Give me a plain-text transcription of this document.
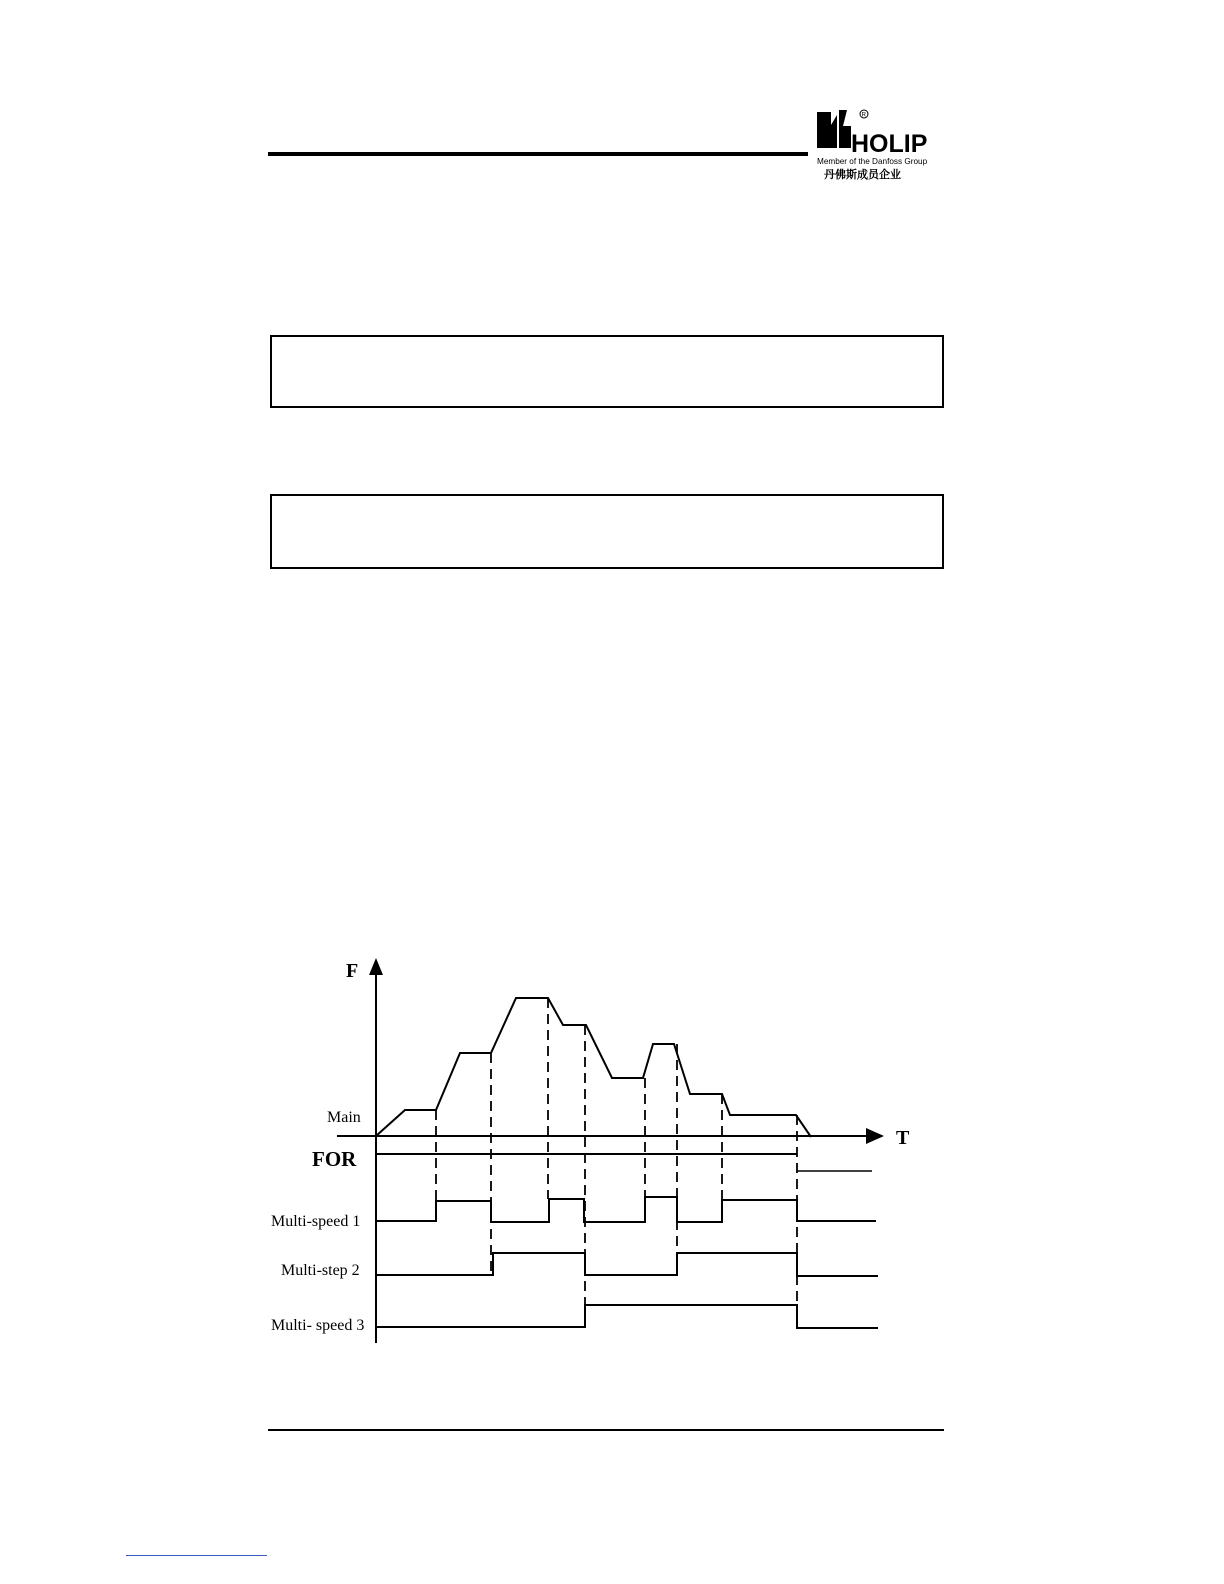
R
HOLIP
Member of the Danfoss Group
丹佛斯成员企业
F
T
Main
FOR
Multi-speed 1
Multi-step 2
Multi- speed 3
